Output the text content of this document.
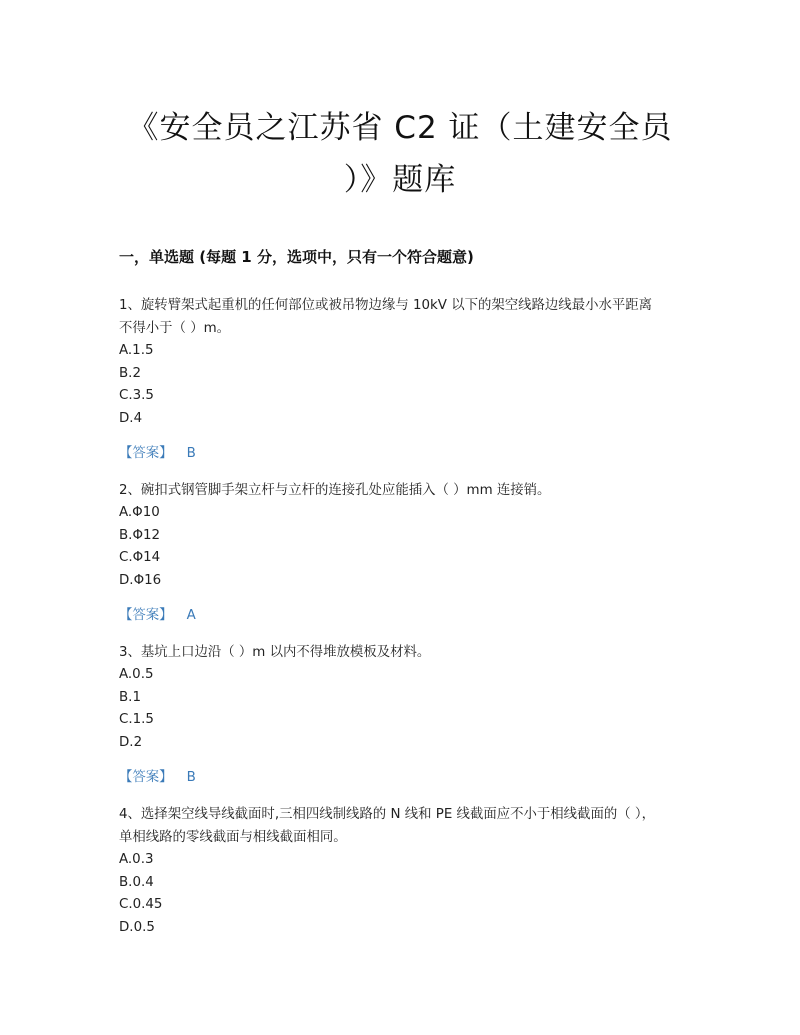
《安全员之江苏省 C2 证（土建安全员
）》题库
一，单选题 (每题 1 分，选项中，只有一个符合题意)

1、旋转臂架式起重机的任何部位或被吊物边缘与 10kV 以下的架空线路边线最小水平距离
不得小于（ ）m。

A.1.5

B.2

C.3.5

D.4

【答案】 B

2、碗扣式钢管脚手架立杆与立杆的连接孔处应能插入（ ）mm 连接销。

A.Φ10

B.Φ12

C.Φ14

D.Φ16

【答案】 A

3、基坑上口边沿（ ）m 以内不得堆放模板及材料。

A.0.5

B.1

C.1.5

D.2

【答案】 B

4、选择架空线导线截面时,三相四线制线路的 N 线和 PE 线截面应不小于相线截面的（ ），
单相线路的零线截面与相线截面相同。

A.0.3

B.0.4

C.0.45

D.0.5
